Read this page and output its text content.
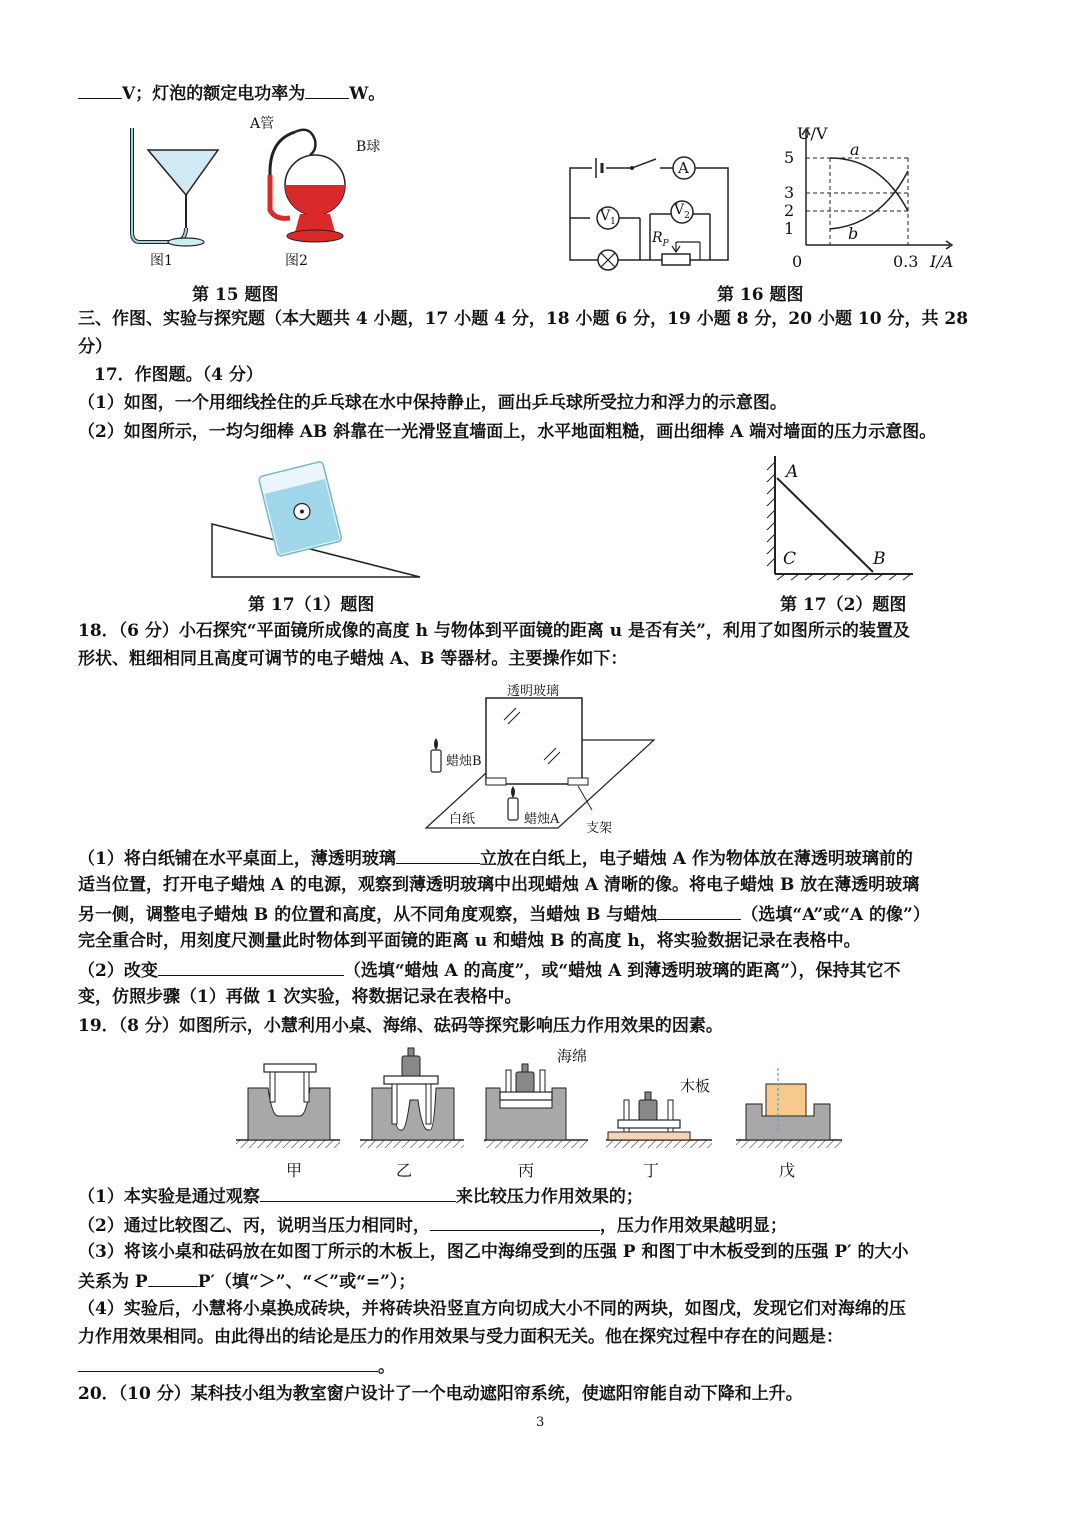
V；灯泡的额定电功率为	W。
A管
B球
图1	图2
第 15 题图
A
$V_1$
$V_2$
$R_P$
U/V
a
b
5
3
2
1
0	0.3 I/A
第 16 题图
三、作图、实验与探究题（本大题共 4 小题，17 小题 4 分，18 小题 6 分，19 小题 8 分，20 小题 10 分，共 28
分）
17．作图题。（4 分）
（1）如图，一个用细线拴住的乒乓球在水中保持静止，画出乒乓球所受拉力和浮力的示意图。
（2）如图所示，一均匀细棒 AB 斜靠在一光滑竖直墙面上，水平地面粗糙，画出细棒 A 端对墙面的压力示意图。
第 17（1）题图
A
C	B
第 17（2）题图
18．（6 分）小石探究“平面镜所成像的高度 h 与物体到平面镜的距离 u 是否有关”，利用了如图所示的装置及
形状、粗细相同且高度可调节的电子蜡烛 A、B 等器材。主要操作如下：
透明玻璃
蜡烛B
白纸	蜡烛A
支架
（1）将白纸铺在水平桌面上，薄透明玻璃	立放在白纸上，电子蜡烛 A 作为物体放在薄透明玻璃前的
适当位置，打开电子蜡烛 A 的电源，观察到薄透明玻璃中出现蜡烛 A 清晰的像。将电子蜡烛 B 放在薄透明玻璃
另一侧，调整电子蜡烛 B 的位置和高度，从不同角度观察，当蜡烛 B 与蜡烛	（选填“A”或“A 的像”）
完全重合时，用刻度尺测量此时物体到平面镜的距离 u 和蜡烛 B 的高度 h，将实验数据记录在表格中。
（2）改变	（选填“蜡烛 A 的高度”，或“蜡烛 A 到薄透明玻璃的距离”），保持其它不
变，仿照步骤（1）再做 1 次实验，将数据记录在表格中。
19．（8 分）如图所示，小慧利用小桌、海绵、砝码等探究影响压力作用效果的因素。
海绵
木板
甲	乙	丙	丁	戊
（1）本实验是通过观察	来比较压力作用效果的；
（2）通过比较图乙、丙，说明当压力相同时，	，压力作用效果越明显；
（3）将该小桌和砝码放在如图丁所示的木板上，图乙中海绵受到的压强 P 和图丁中木板受到的压强 P′ 的大小
关系为 P	P′（填“＞”、“＜”或“=”）；
（4）实验后，小慧将小桌换成砖块，并将砖块沿竖直方向切成大小不同的两块，如图戊，发现它们对海绵的压
力作用效果相同。由此得出的结论是压力的作用效果与受力面积无关。他在探究过程中存在的问题是：
。
20．（10 分）某科技小组为教室窗户设计了一个电动遮阳帘系统，使遮阳帘能自动下降和上升。
3
